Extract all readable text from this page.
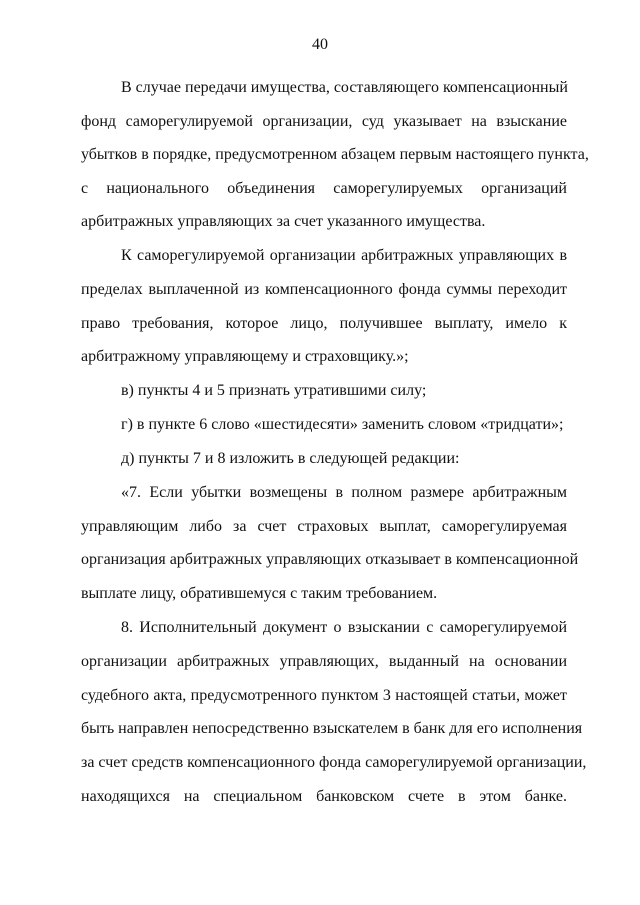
40
В случае передачи имущества, составляющего компенсационный
фонд саморегулируемой организации, суд указывает на взыскание
убытков в порядке, предусмотренном абзацем первым настоящего пункта,
с национального объединения саморегулируемых организаций
арбитражных управляющих за счет указанного имущества.
К саморегулируемой организации арбитражных управляющих в
пределах выплаченной из компенсационного фонда суммы переходит
право требования, которое лицо, получившее выплату, имело к
арбитражному управляющему и страховщику.»;
в) пункты 4 и 5 признать утратившими силу;
г) в пункте 6 слово «шестидесяти» заменить словом «тридцати»;
д) пункты 7 и 8 изложить в следующей редакции:
«7. Если убытки возмещены в полном размере арбитражным
управляющим либо за счет страховых выплат, саморегулируемая
организация арбитражных управляющих отказывает в компенсационной
выплате лицу, обратившемуся с таким требованием.
8. Исполнительный документ о взыскании с саморегулируемой
организации арбитражных управляющих, выданный на основании
судебного акта, предусмотренного пунктом 3 настоящей статьи, может
быть направлен непосредственно взыскателем в банк для его исполнения
за счет средств компенсационного фонда саморегулируемой организации,
находящихся на специальном банковском счете в этом банке.
